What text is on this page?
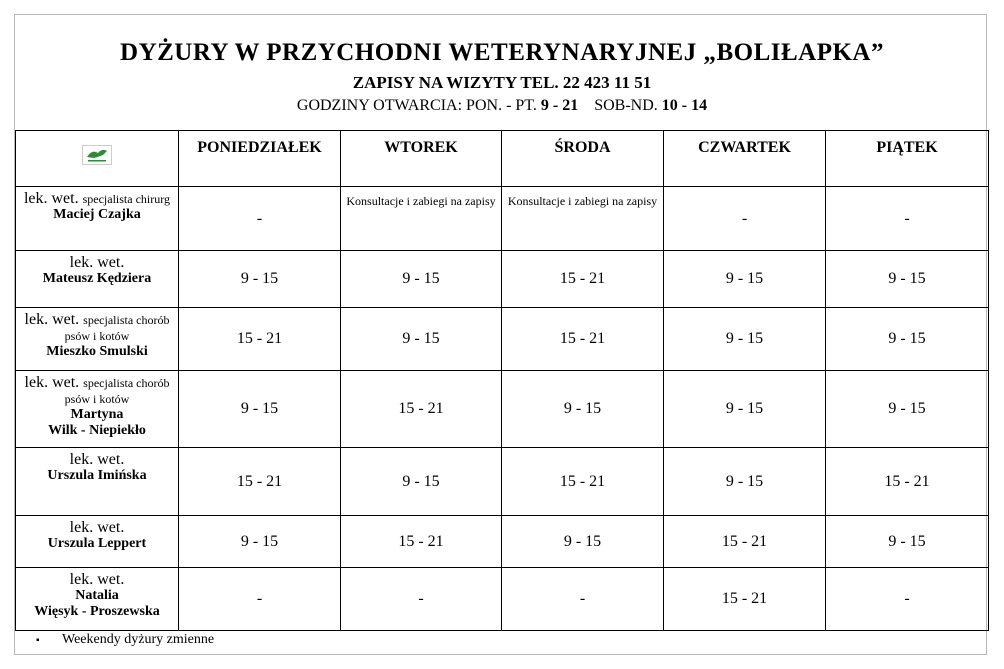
DYŻURY W PRZYCHODNI WETERYNARYJNEJ „BOLIŁAPKA”
ZAPISY NA WIZYTY TEL. 22 423 11 51
GODZINY OTWARCIA: PON. - PT. 9 - 21 SOB-ND. 10 - 14
	PONIEDZIAŁEK	WTOREK	ŚRODA	CZWARTEK	PIĄTEK

lek. wet. specjalista chirurg
Maciej Czajka	-	Konsultacje i zabiegi na zapisy	Konsultacje i zabiegi na zapisy	-	-

lek. wet.
Mateusz Kędziera	9 - 15	9 - 15	15 - 21	9 - 15	9 - 15

lek. wet. specjalista chorób
psów i kotów
Mieszko Smulski	15 - 21	9 - 15	15 - 21	9 - 15	9 - 15

lek. wet. specjalista chorób
psów i kotów
Martyna
Wilk - Niepiekło	9 - 15	15 - 21	9 - 15	9 - 15	9 - 15

lek. wet.
Urszula Imińska	15 - 21	9 - 15	15 - 21	9 - 15	15 - 21

lek. wet.
Urszula Leppert	9 - 15	15 - 21	9 - 15	15 - 21	9 - 15

lek. wet.
Natalia
Więsyk - Proszewska	-	-	-	15 - 21	-
▪ Weekendy dyżury zmienne
